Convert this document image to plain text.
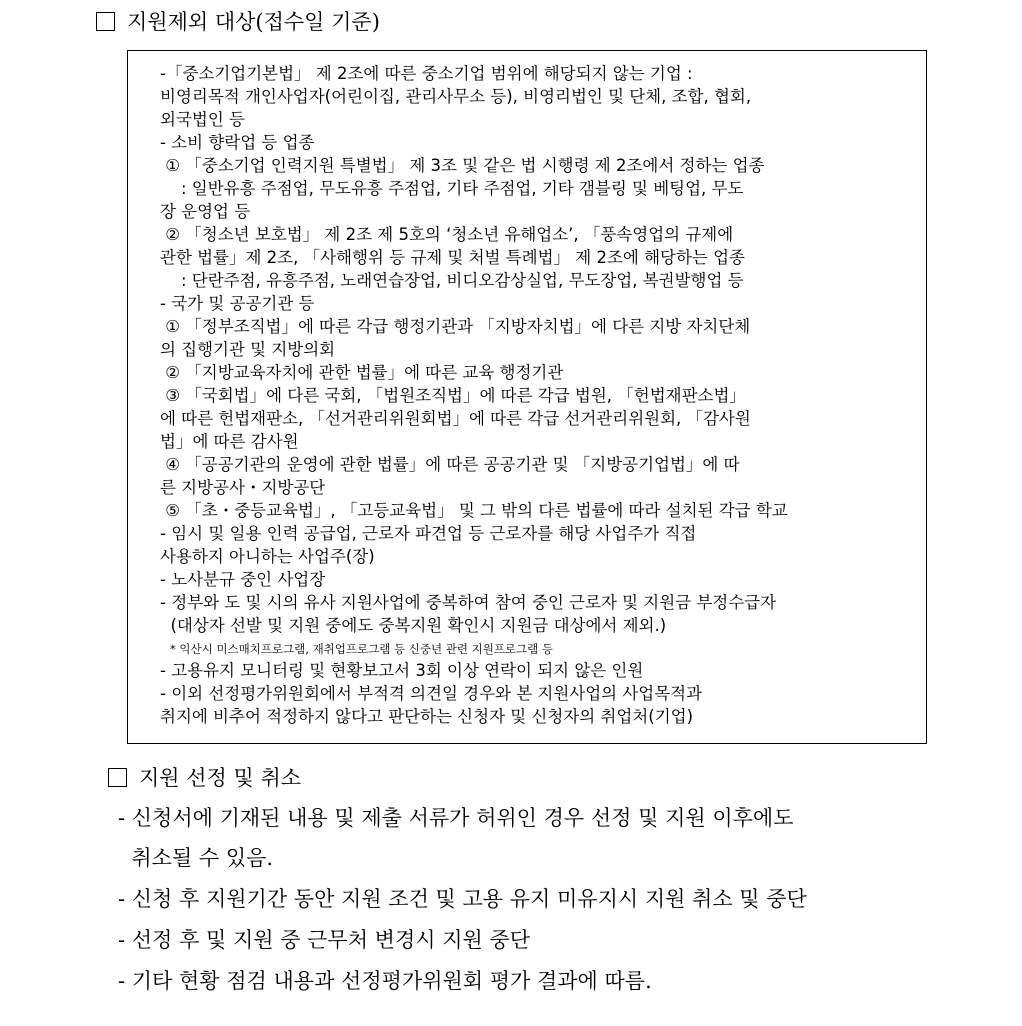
지원제외 대상(접수일 기준)
-「중소기업기본법」 제 2조에 따른 중소기업 범위에 해당되지 않는 기업 :
비영리목적 개인사업자(어린이집, 관리사무소 등), 비영리법인 및 단체, 조합, 협회,
외국법인 등
- 소비 향락업 등 업종
① 「중소기업 인력지원 특별법」 제 3조 및 같은 법 시행령 제 2조에서 정하는 업종
: 일반유흥 주점업, 무도유흥 주점업, 기타 주점업, 기타 갬블링 및 베팅업, 무도
장 운영업 등
② 「청소년 보호법」 제 2조 제 5호의 ‘청소년 유해업소’, 「풍속영업의 규제에
관한 법률」제 2조, 「사해행위 등 규제 및 처벌 특례법」 제 2조에 해당하는 업종
: 단란주점, 유흥주점, 노래연습장업, 비디오감상실업, 무도장업, 복권발행업 등
- 국가 및 공공기관 등
① 「정부조직법」에 따른 각급 행정기관과 「지방자치법」에 다른 지방 자치단체
의 집행기관 및 지방의회
② 「지방교육자치에 관한 법률」에 따른 교육 행정기관
③ 「국회법」에 다른 국회, 「법원조직법」에 따른 각급 법원, 「헌법재판소법」
에 따른 헌법재판소, 「선거관리위원회법」에 따른 각급 선거관리위원회, 「감사원
법」에 따른 감사원
④ 「공공기관의 운영에 관한 법률」에 따른 공공기관 및 「지방공기업법」에 따
른 지방공사・지방공단
⑤ 「초・중등교육법」, 「고등교육법」 및 그 밖의 다른 법률에 따라 설치된 각급 학교
- 임시 및 일용 인력 공급업, 근로자 파견업 등 근로자를 해당 사업주가 직접
사용하지 아니하는 사업주(장)
- 노사분규 중인 사업장
- 정부와 도 및 시의 유사 지원사업에 중복하여 참여 중인 근로자 및 지원금 부정수급자
(대상자 선발 및 지원 중에도 중복지원 확인시 지원금 대상에서 제외.)
* 익산시 미스매치프로그램, 재취업프로그램 등 신중년 관련 지원프로그램 등
- 고용유지 모니터링 및 현황보고서 3회 이상 연락이 되지 않은 인원
- 이외 선정평가위원회에서 부적격 의견일 경우와 본 지원사업의 사업목적과
취지에 비추어 적정하지 않다고 판단하는 신청자 및 신청자의 취업처(기업)
지원 선정 및 취소
- 신청서에 기재된 내용 및 제출 서류가 허위인 경우 선정 및 지원 이후에도
취소될 수 있음.
- 신청 후 지원기간 동안 지원 조건 및 고용 유지 미유지시 지원 취소 및 중단
- 선정 후 및 지원 중 근무처 변경시 지원 중단
- 기타 현황 점검 내용과 선정평가위원회 평가 결과에 따름.
